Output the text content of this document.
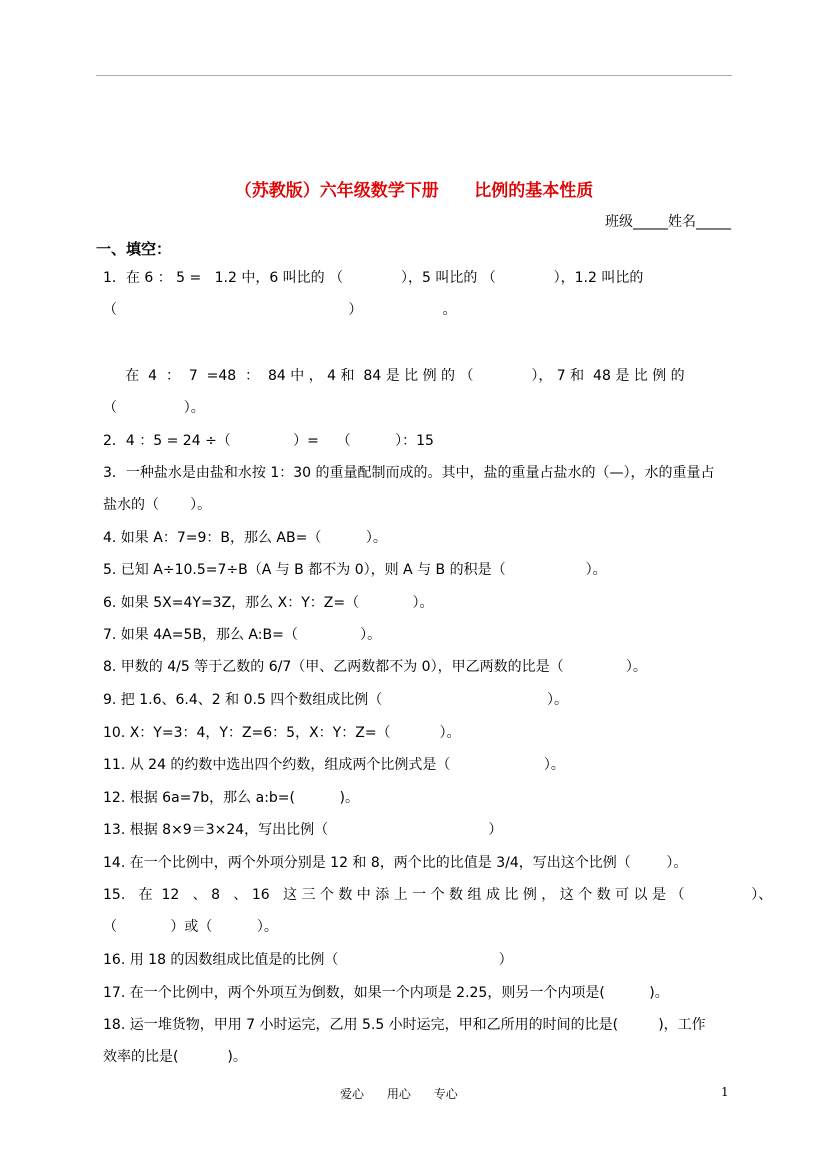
（苏教版）六年级数学下册      比例的基本性质
班级_____姓名_____
一、填空：
1．在 6 ： 5 =   1.2 中，6 叫比的 （             ），5 叫比的 （             ），1.2 叫比的
（                                                    ）                  。
在  4  ：  7  =48  ：  84 中 ， 4 和  84 是 比 例 的 （             ）， 7 和  48 是 比 例 的
（               ）。
2．4 ：5 = 24 ÷（              ）=    （          ）：15
3．一种盐水是由盐和水按 1：30 的重量配制而成的。其中，盐的重量占盐水的（—），水的重量占
盐水的（       ）。
4. 如果 A：7=9：B，那么 AB=（          ）。
5. 已知 A÷10.5=7÷B（A 与 B 都不为 0），则 A 与 B 的积是（                  ）。
6. 如果 5X=4Y=3Z，那么 X：Y：Z=（            ）。
7. 如果 4A=5B，那么 A:B=（              ）。
8. 甲数的 4/5 等于乙数的 6/7（甲、乙两数都不为 0），甲乙两数的比是（              ）。
9. 把 1.6、6.4、2 和 0.5 四个数组成比例（                                     ）。
10. X：Y=3：4，Y：Z=6：5，X：Y：Z=（           ）。
11. 从 24 的约数中选出四个约数，组成两个比例式是（                     ）。
12. 根据 6a=7b，那么 a:b=(          )。
13. 根据 8×9＝3×24，写出比例（                                    ）
14. 在一个比例中，两个外项分别是 12 和 8，两个比的比值是 3/4，写出这个比例（        ）。
15.   在  12   、 8   、 16   这 三 个 数 中 添 上 一 个 数 组 成 比 例 ， 这 个 数 可 以 是 （               ）、
（            ）或（          ）。
16. 用 18 的因数组成比值是的比例（                                    ）
17. 在一个比例中，两个外项互为倒数，如果一个内项是 2.25，则另一个内项是(          )。
18. 运一堆货物，甲用 7 小时运完，乙用 5.5 小时运完，甲和乙所用的时间的比是(         )，工作
效率的比是(           )。
爱心      用心      专心	1
